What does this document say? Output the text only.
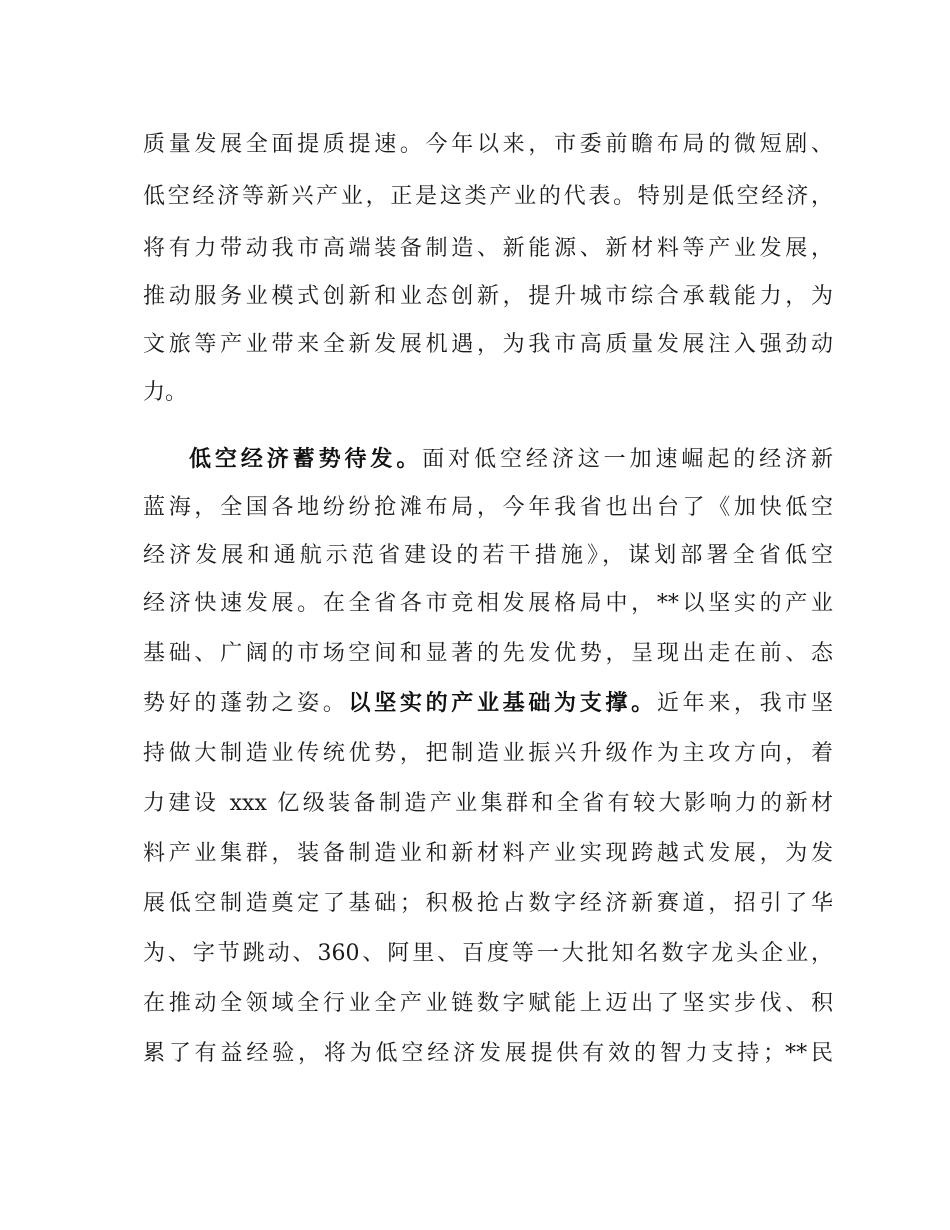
质量发展全面提质提速。今年以来，市委前瞻布局的微短剧、
低空经济等新兴产业，正是这类产业的代表。特别是低空经济，
将有力带动我市高端装备制造、新能源、新材料等产业发展，
推动服务业模式创新和业态创新，提升城市综合承载能力，为
文旅等产业带来全新发展机遇，为我市高质量发展注入强劲动
力。
低空经济蓄势待发。面对低空经济这一加速崛起的经济新
蓝海，全国各地纷纷抢滩布局，今年我省也出台了《加快低空
经济发展和通航示范省建设的若干措施》，谋划部署全省低空
经济快速发展。在全省各市竞相发展格局中，**以坚实的产业
基础、广阔的市场空间和显著的先发优势，呈现出走在前、态
势好的蓬勃之姿。以坚实的产业基础为支撑。近年来，我市坚
持做大制造业传统优势，把制造业振兴升级作为主攻方向，着
力建设 xxx 亿级装备制造产业集群和全省有较大影响力的新材
料产业集群，装备制造业和新材料产业实现跨越式发展，为发
展低空制造奠定了基础；积极抢占数字经济新赛道，招引了华
为、字节跳动、360、阿里、百度等一大批知名数字龙头企业，
在推动全领域全行业全产业链数字赋能上迈出了坚实步伐、积
累了有益经验，将为低空经济发展提供有效的智力支持；**民
